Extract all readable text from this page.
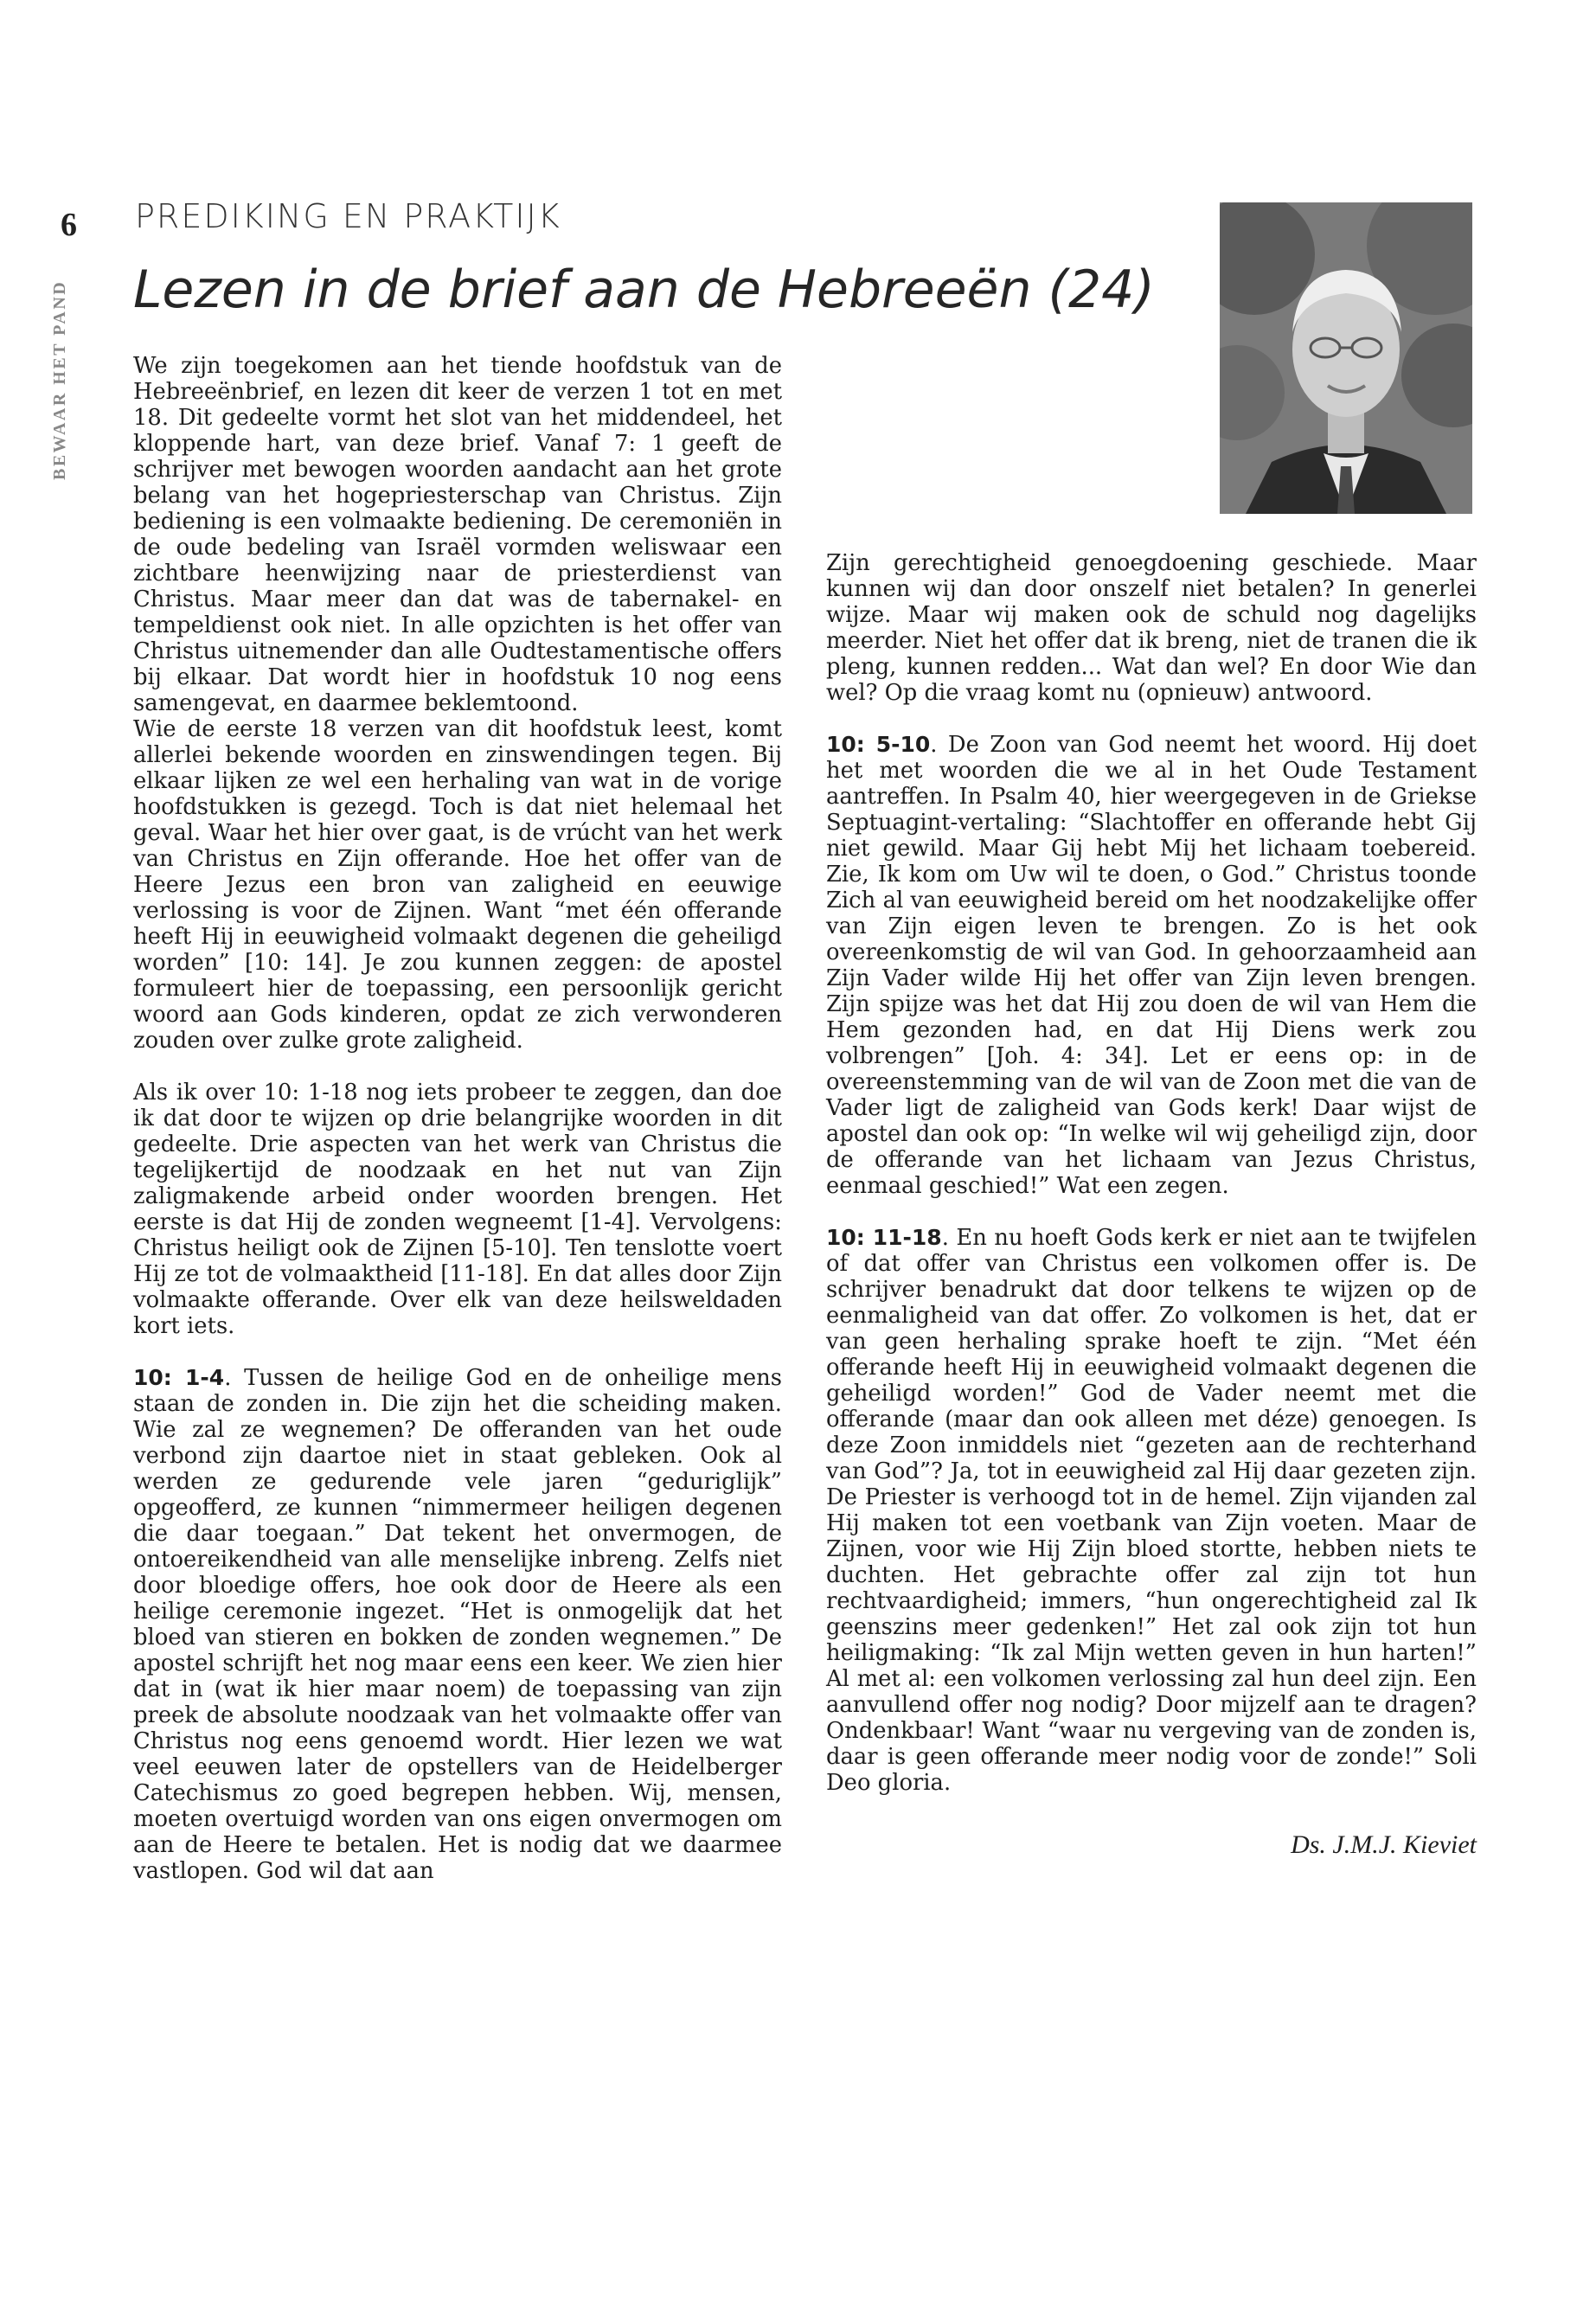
6
BEWAAR HET PAND
PREDIKING EN PRAKTIJK
Lezen in de brief aan de Hebreeën (24)

We zijn toegekomen aan het tiende hoofdstuk van de Hebreeënbrief, en lezen dit keer de verzen 1 tot en met 18. Dit gedeelte vormt het slot van het middendeel, het kloppende hart, van deze brief. Vanaf 7: 1 geeft de schrijver met bewogen woorden aandacht aan het grote belang van het hogepriesterschap van Christus. Zijn bediening is een volmaakte bediening. De ceremoniën in de oude bedeling van Israël vormden weliswaar een zichtbare heenwijzing naar de priesterdienst van Christus. Maar meer dan dat was de tabernakel- en tempeldienst ook niet. In alle opzichten is het offer van Christus uitnemender dan alle Oudtestamentische offers bij elkaar. Dat wordt hier in hoofdstuk 10 nog eens samengevat, en daarmee beklemtoond.

Wie de eerste 18 verzen van dit hoofdstuk leest, komt allerlei bekende woorden en zinswendingen tegen. Bij elkaar lijken ze wel een herhaling van wat in de vorige hoofdstukken is gezegd. Toch is dat niet helemaal het geval. Waar het hier over gaat, is de vrúcht van het werk van Christus en Zijn offerande. Hoe het offer van de Heere Jezus een bron van zaligheid en eeuwige verlossing is voor de Zijnen. Want “met één offerande heeft Hij in eeuwigheid volmaakt degenen die geheiligd worden” [10: 14]. Je zou kunnen zeggen: de apostel formuleert hier de toepassing, een persoonlijk gericht woord aan Gods kinderen, opdat ze zich verwonderen zouden over zulke grote zaligheid.

Als ik over 10: 1-18 nog iets probeer te zeggen, dan doe ik dat door te wijzen op drie belangrijke woorden in dit gedeelte. Drie aspecten van het werk van Christus die tegelijkertijd de noodzaak en het nut van Zijn zaligmakende arbeid onder woorden brengen. Het eerste is dat Hij de zonden wegneemt [1-4]. Vervolgens: Christus heiligt ook de Zijnen [5-10]. Ten tenslotte voert Hij ze tot de volmaaktheid [11-18]. En dat alles door Zijn volmaakte offerande. Over elk van deze heilsweldaden kort iets.

10: 1-4. Tussen de heilige God en de onheilige mens staan de zonden in. Die zijn het die scheiding maken. Wie zal ze wegnemen? De offeranden van het oude verbond zijn daartoe niet in staat gebleken. Ook al werden ze gedurende vele jaren “geduriglijk” opgeofferd, ze kunnen “nimmermeer heiligen degenen die daar toegaan.” Dat tekent het onvermogen, de ontoereikendheid van alle menselijke inbreng. Zelfs niet door bloedige offers, hoe ook door de Heere als een heilige ceremonie ingezet. “Het is onmogelijk dat het bloed van stieren en bokken de zonden wegnemen.” De apostel schrijft het nog maar eens een keer. We zien hier dat in (wat ik hier maar noem) de toepassing van zijn preek de absolute noodzaak van het volmaakte offer van Christus nog eens genoemd wordt. Hier lezen we wat veel eeuwen later de opstellers van de Heidelberger Catechismus zo goed begrepen hebben. Wij, mensen, moeten overtuigd worden van ons eigen onvermogen om aan de Heere te betalen. Het is nodig dat we daarmee vastlopen. God wil dat aan

Zijn gerechtigheid genoegdoening geschiede. Maar kunnen wij dan door onszelf niet betalen? In generlei wijze. Maar wij maken ook de schuld nog dagelijks meerder. Niet het offer dat ik breng, niet de tranen die ik pleng, kunnen redden... Wat dan wel? En door Wie dan wel? Op die vraag komt nu (opnieuw) antwoord.

10: 5-10. De Zoon van God neemt het woord. Hij doet het met woorden die we al in het Oude Testament aantreffen. In Psalm 40, hier weergegeven in de Griekse Septuagint-vertaling: “Slachtoffer en offerande hebt Gij niet gewild. Maar Gij hebt Mij het lichaam toebereid. Zie, Ik kom om Uw wil te doen, o God.” Christus toonde Zich al van eeuwigheid bereid om het noodzakelijke offer van Zijn eigen leven te brengen. Zo is het ook overeenkomstig de wil van God. In gehoorzaamheid aan Zijn Vader wilde Hij het offer van Zijn leven brengen. Zijn spijze was het dat Hij zou doen de wil van Hem die Hem gezonden had, en dat Hij Diens werk zou volbrengen” [Joh. 4: 34]. Let er eens op: in de overeenstemming van de wil van de Zoon met die van de Vader ligt de zaligheid van Gods kerk! Daar wijst de apostel dan ook op: “In welke wil wij geheiligd zijn, door de offerande van het lichaam van Jezus Christus, eenmaal geschied!” Wat een zegen.

10: 11-18. En nu hoeft Gods kerk er niet aan te twijfelen of dat offer van Christus een volkomen offer is. De schrijver benadrukt dat door telkens te wijzen op de eenmaligheid van dat offer. Zo volkomen is het, dat er van geen herhaling sprake hoeft te zijn. “Met één offerande heeft Hij in eeuwigheid volmaakt degenen die geheiligd worden!” God de Vader neemt met die offerande (maar dan ook alleen met déze) genoegen. Is deze Zoon inmiddels niet “gezeten aan de rechterhand van God”? Ja, tot in eeuwigheid zal Hij daar gezeten zijn. De Priester is verhoogd tot in de hemel. Zijn vijanden zal Hij maken tot een voetbank van Zijn voeten. Maar de Zijnen, voor wie Hij Zijn bloed stortte, hebben niets te duchten. Het gebrachte offer zal zijn tot hun rechtvaardigheid; immers, “hun ongerechtigheid zal Ik geenszins meer gedenken!” Het zal ook zijn tot hun heiligmaking: “Ik zal Mijn wetten geven in hun harten!” Al met al: een volkomen verlossing zal hun deel zijn. Een aanvullend offer nog nodig? Door mijzelf aan te dragen? Ondenkbaar! Want “waar nu vergeving van de zonden is, daar is geen offerande meer nodig voor de zonde!” Soli Deo gloria.

Ds. J.M.J. Kieviet
